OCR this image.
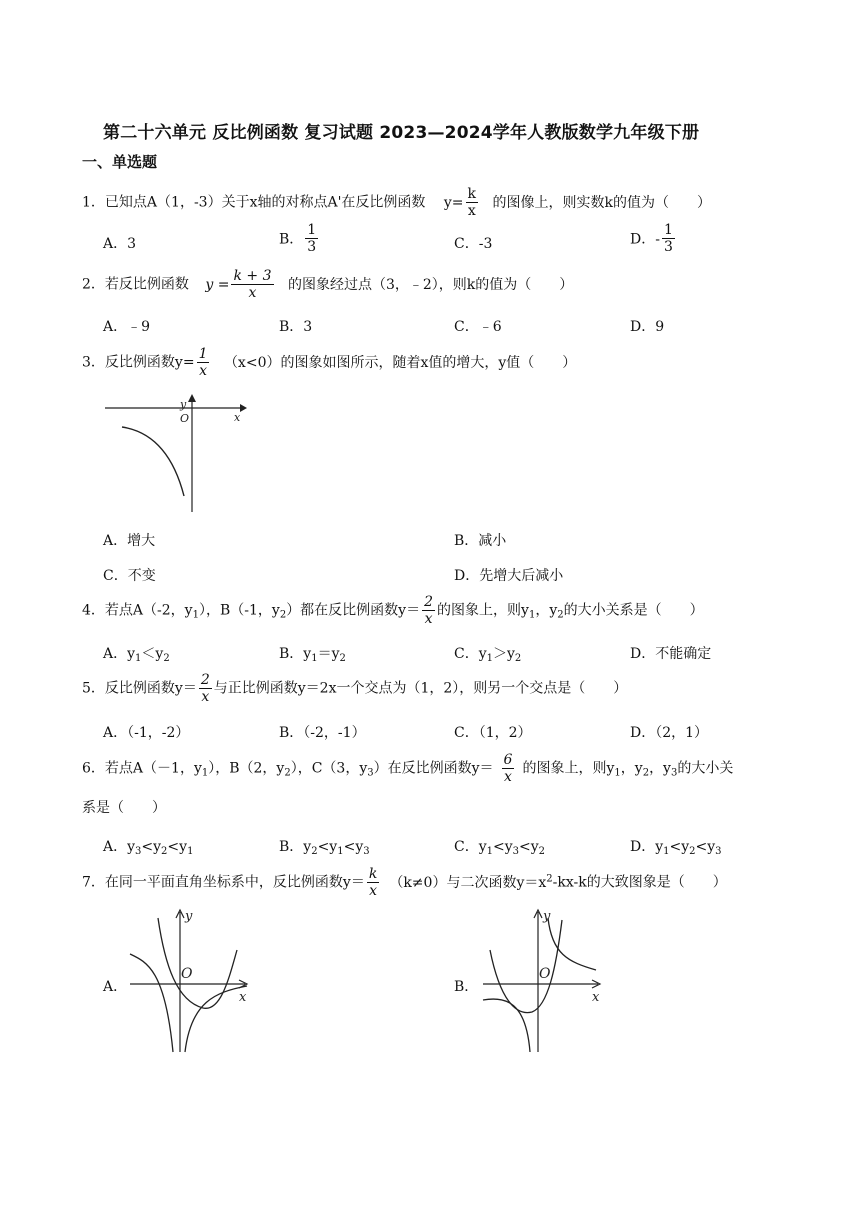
第二十六单元 反比例函数 复习试题 2023—2024学年人教版数学九年级下册
一、单选题
1．已知点A（1，-3）关于x轴的对称点A'在反比例函数 $y= \frac{k}{x}$ 的图像上，则实数k的值为（　　）
A．3	B． $\frac{1}{3}$	C．-3	D．- $\frac{1}{3}$
2．若反比例函数 $y = \frac{k + 3}{x}$ 的图象经过点（3，﹣2），则k的值为（　　）
A．﹣9	B．3	C．﹣6	D．9
3．反比例函数$y= \frac{1}{x} (x<0)$的图象如图所示，随着x值的增大，y值（　　）
y
x
O
A．增大	B．减小
C．不变	D．先增大后减小
4．若点A（-2，$y_1$），B（-1，$y_2$）都在反比例函数$y= \frac{2}{x}$ 的图象上，则$y_1$，$y_2$的大小关系是（　　）
A．$y_1<y_2$	B．$y_1=y_2$	C．$y_1>y_2$	D．不能确定
5．反比例函数$y= \frac{2}{x}$ 与正比例函数y＝2x一个交点为（1，2），则另一个交点是（　　）
A．（-1，-2）	B．（-2，-1）	C．（1，2）	D．（2，1）
6．若点A（－1，$y_1$），B（2，$y_2$），C（3，$y_3$）在反比例函数$y= \frac{6}{x}$ 的图象上，则$y_1$，$y_2$，$y_3$的大小关
系是（　　）
A．$y_3<y_2<y_1$	B．$y_2<y_1<y_3$	C．$y_1<y_3<y_2$	D．$y_1<y_2<y_3$
7．在同一平面直角坐标系中，反比例函数$y= \frac{k}{x} (k\ne 0)$与二次函数$y=x^2-kx-k$的大致图象是（　　）
A．
y
x
O
B．
y
x
O
